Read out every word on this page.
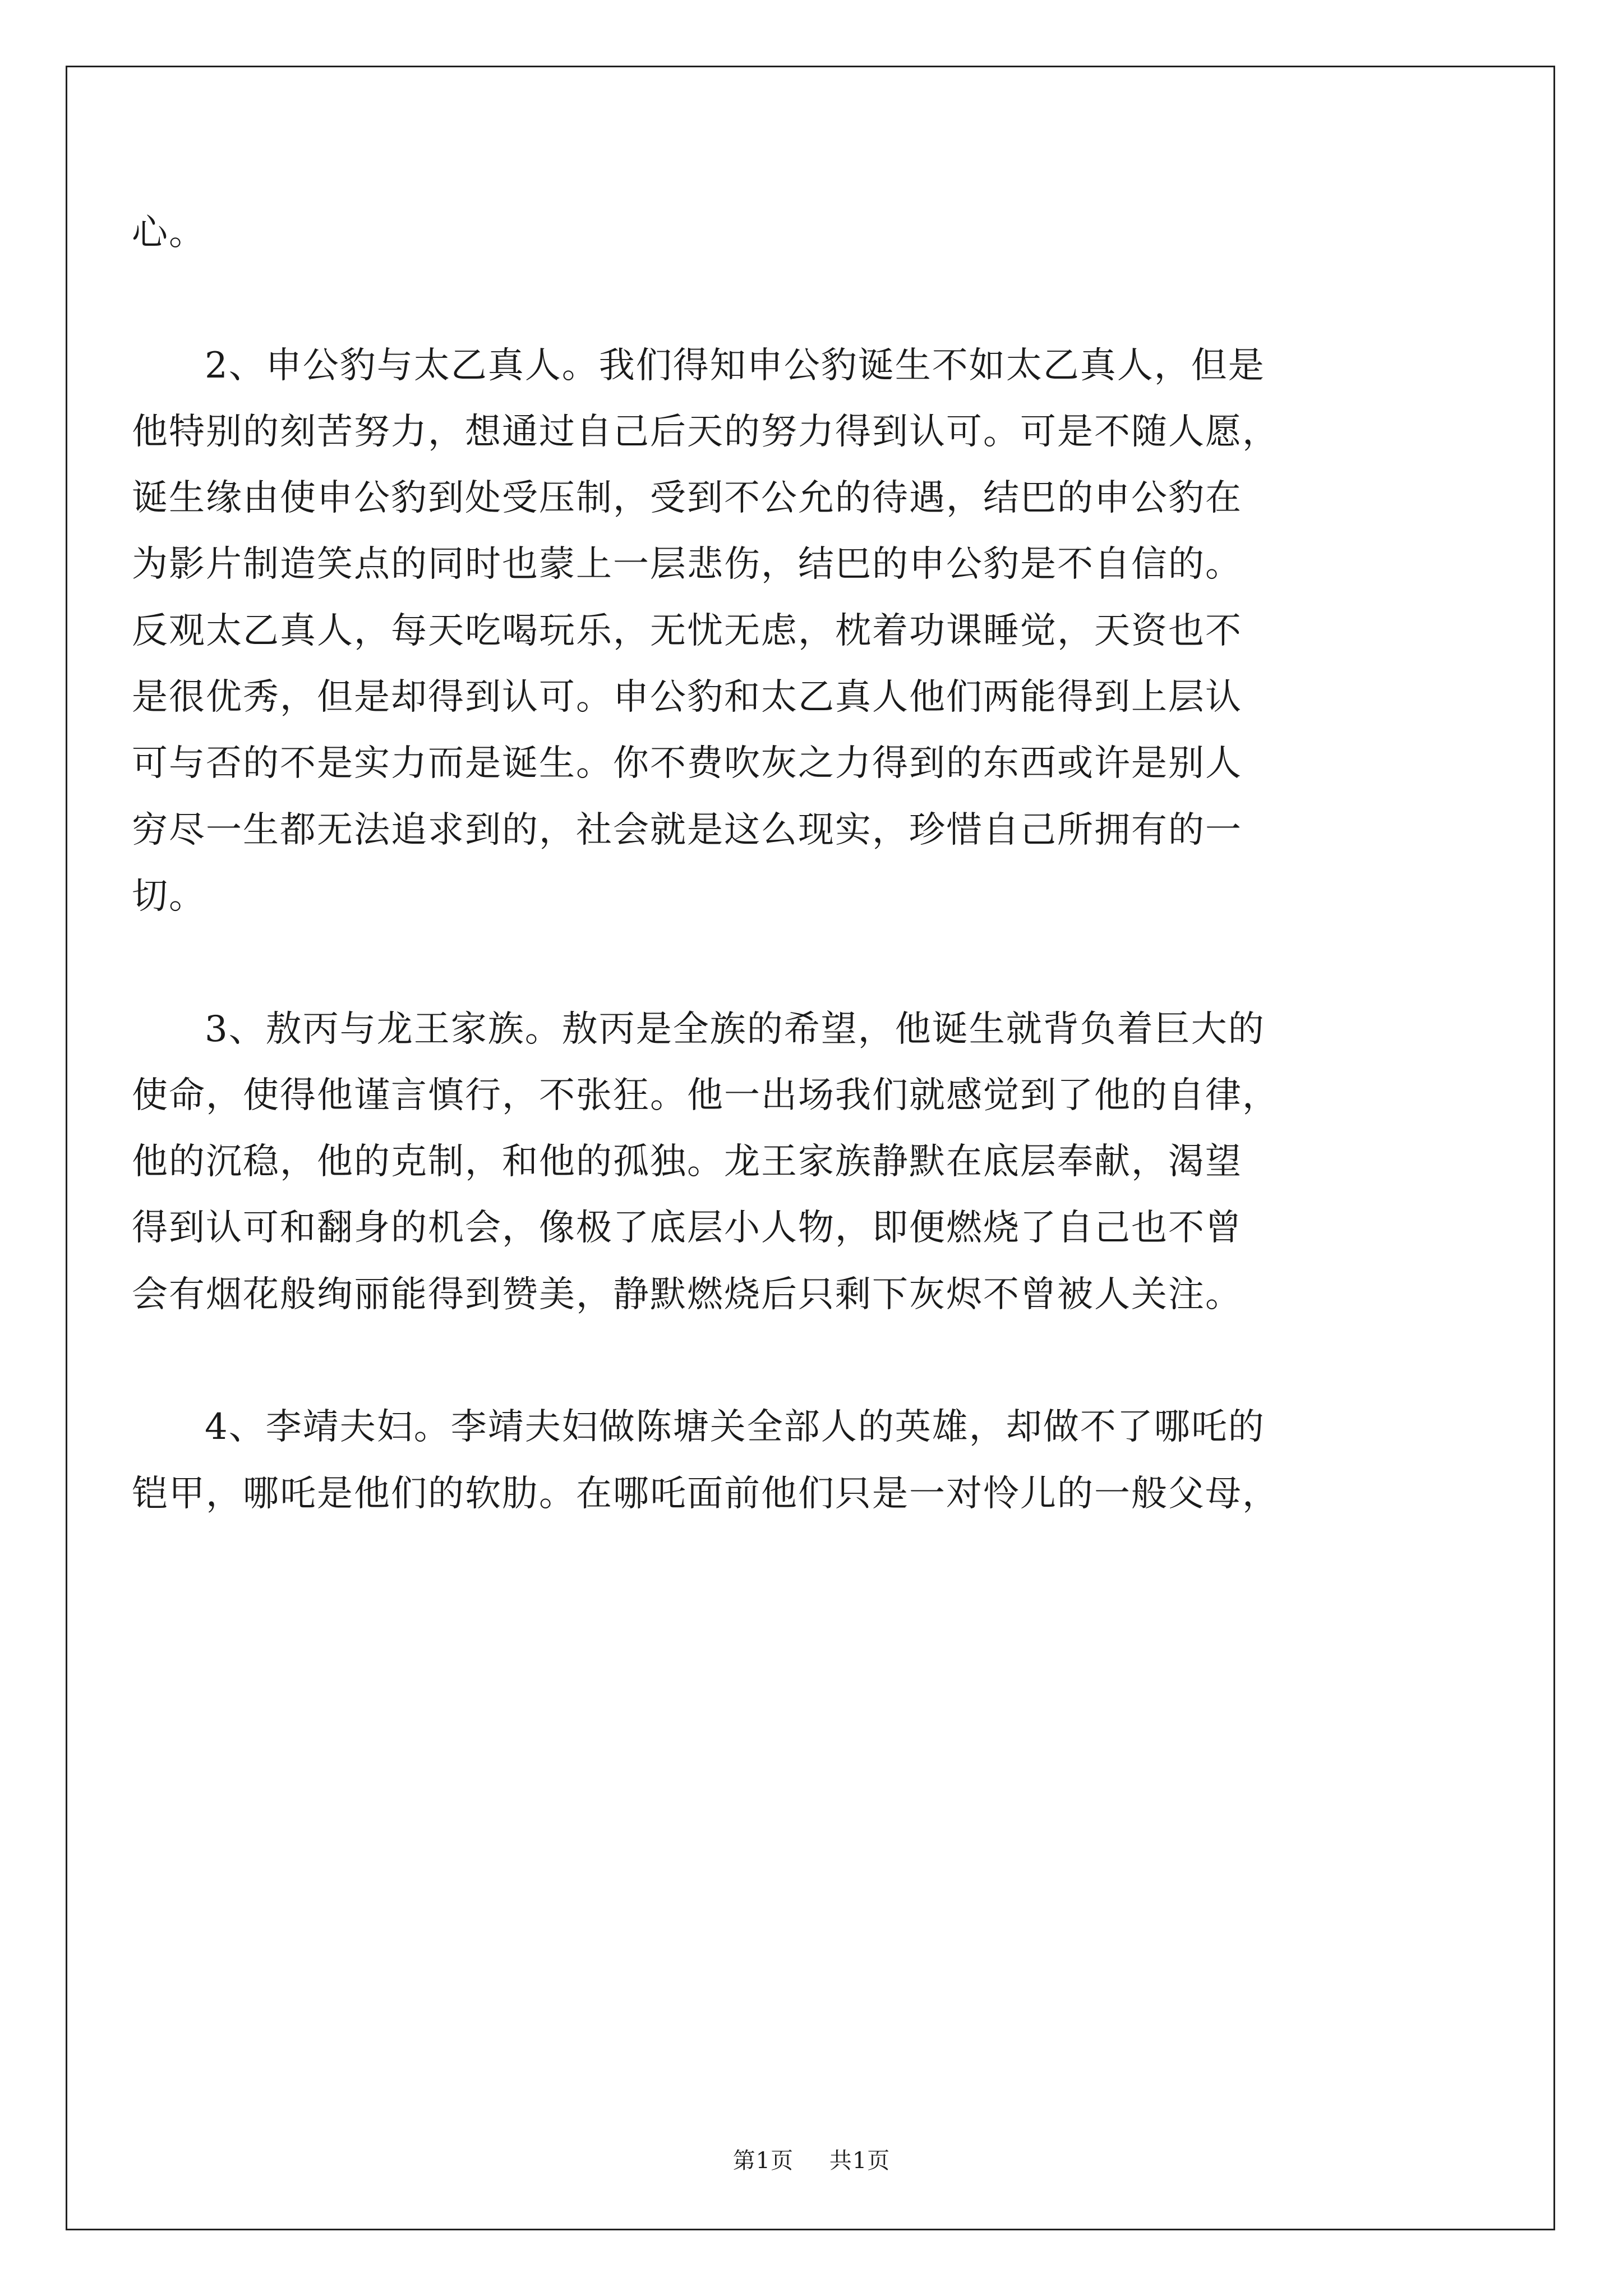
心。
2、申公豹与太乙真人。我们得知申公豹诞生不如太乙真人，但是
他特别的刻苦努力，想通过自己后天的努力得到认可。可是不随人愿，
诞生缘由使申公豹到处受压制，受到不公允的待遇，结巴的申公豹在
为影片制造笑点的同时也蒙上一层悲伤，结巴的申公豹是不自信的。
反观太乙真人，每天吃喝玩乐，无忧无虑，枕着功课睡觉，天资也不
是很优秀，但是却得到认可。申公豹和太乙真人他们两能得到上层认
可与否的不是实力而是诞生。你不费吹灰之力得到的东西或许是别人
穷尽一生都无法追求到的，社会就是这么现实，珍惜自己所拥有的一
切。
3、敖丙与龙王家族。敖丙是全族的希望，他诞生就背负着巨大的
使命，使得他谨言慎行，不张狂。他一出场我们就感觉到了他的自律，
他的沉稳，他的克制，和他的孤独。龙王家族静默在底层奉献，渴望
得到认可和翻身的机会，像极了底层小人物，即便燃烧了自己也不曾
会有烟花般绚丽能得到赞美，静默燃烧后只剩下灰烬不曾被人关注。
4、李靖夫妇。李靖夫妇做陈塘关全部人的英雄，却做不了哪吒的
铠甲，哪吒是他们的软肋。在哪吒面前他们只是一对怜儿的一般父母，
第1页 共1页
